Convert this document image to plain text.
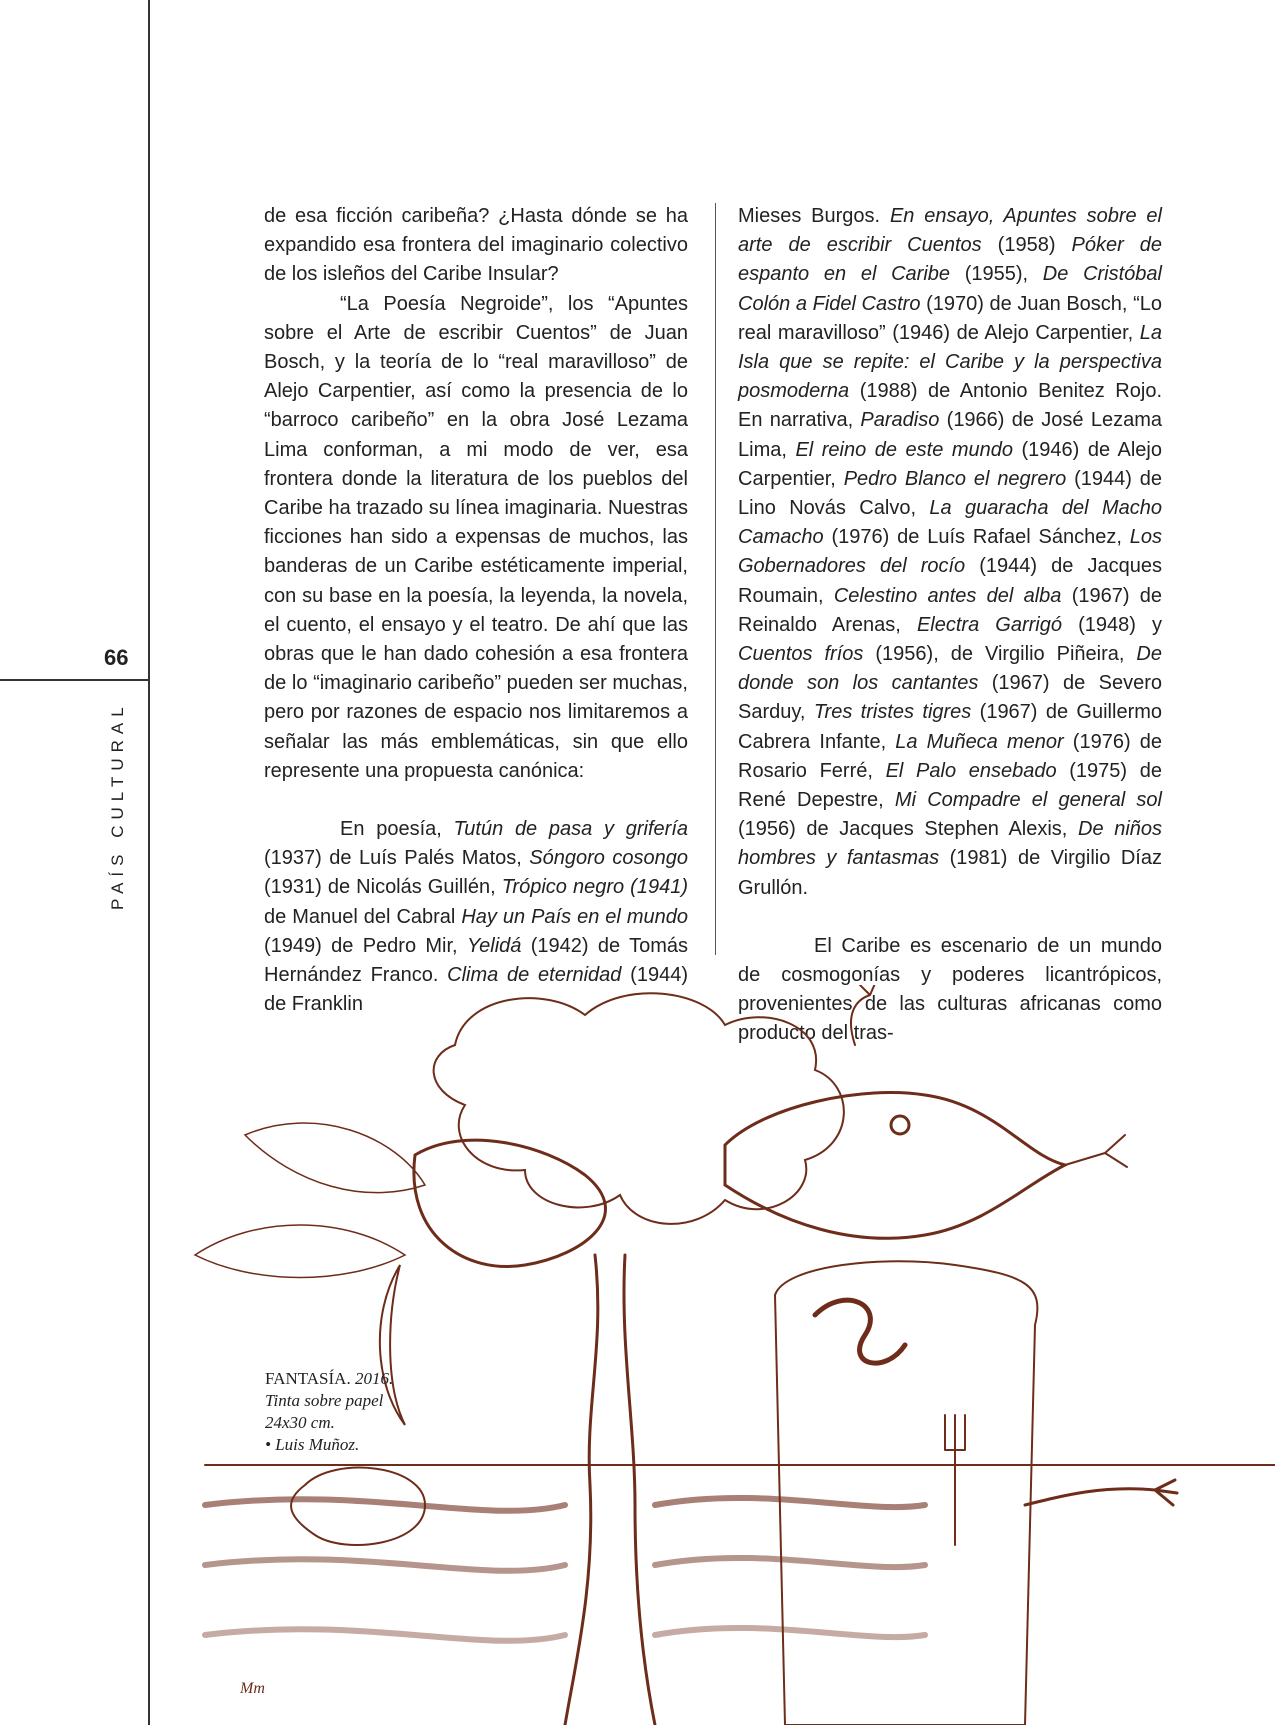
66
PAÍS CULTURAL

de esa ficción caribeña? ¿Hasta dónde se ha expandido esa frontera del imaginario colectivo de los isleños del Caribe Insular?

“La Poesía Negroide”, los “Apuntes sobre el Arte de escribir Cuentos” de Juan Bosch, y la teoría de lo “real maravilloso” de Alejo Carpentier, así como la presencia de lo “barroco caribeño” en la obra José Lezama Lima conforman, a mi modo de ver, esa frontera donde la literatura de los pueblos del Caribe ha trazado su línea imaginaria. Nuestras ficciones han sido a expensas de muchos, las banderas de un Caribe estéticamente imperial, con su base en la poesía, la leyenda, la novela, el cuento, el ensayo y el teatro. De ahí que las obras que le han dado cohesión a esa frontera de lo “imaginario caribeño” pueden ser muchas, pero por razones de espacio nos limitaremos a señalar las más emblemáticas, sin que ello represente una propuesta canónica:

En poesía, Tutún de pasa y grifería (1937) de Luís Palés Matos, Sóngoro cosongo (1931) de Nicolás Guillén, Trópico negro (1941) de Manuel del Cabral Hay un País en el mundo (1949) de Pedro Mir, Yelidá (1942) de Tomás Hernández Franco. Clima de eternidad (1944) de Franklin

Mieses Burgos. En ensayo, Apuntes sobre el arte de escribir Cuentos (1958) Póker de espanto en el Caribe (1955), De Cristóbal Colón a Fidel Castro (1970) de Juan Bosch, “Lo real maravilloso” (1946) de Alejo Carpentier, La Isla que se repite: el Caribe y la perspectiva posmoderna (1988) de Antonio Benitez Rojo. En narrativa, Paradiso (1966) de José Lezama Lima, El reino de este mundo (1946) de Alejo Carpentier, Pedro Blanco el negrero (1944) de Lino Novás Calvo, La guaracha del Macho Camacho (1976) de Luís Rafael Sánchez, Los Gobernadores del rocío (1944) de Jacques Roumain, Celestino antes del alba (1967) de Reinaldo Arenas, Electra Garrigó (1948) y Cuentos fríos (1956), de Virgilio Piñeira, De donde son los cantantes (1967) de Severo Sarduy, Tres tristes tigres (1967) de Guillermo Cabrera Infante, La Muñeca menor (1976) de Rosario Ferré, El Palo ensebado (1975) de René Depestre, Mi Compadre el general sol (1956) de Jacques Stephen Alexis, De niños hombres y fantasmas (1981) de Virgilio Díaz Grullón.

El Caribe es escenario de un mundo de cosmogonías y poderes licantrópicos, provenientes de las culturas africanas como producto del tras-

FANTASÍA. 2016.
Tinta sobre papel
24x30 cm.
• Luis Muñoz.
Mm
